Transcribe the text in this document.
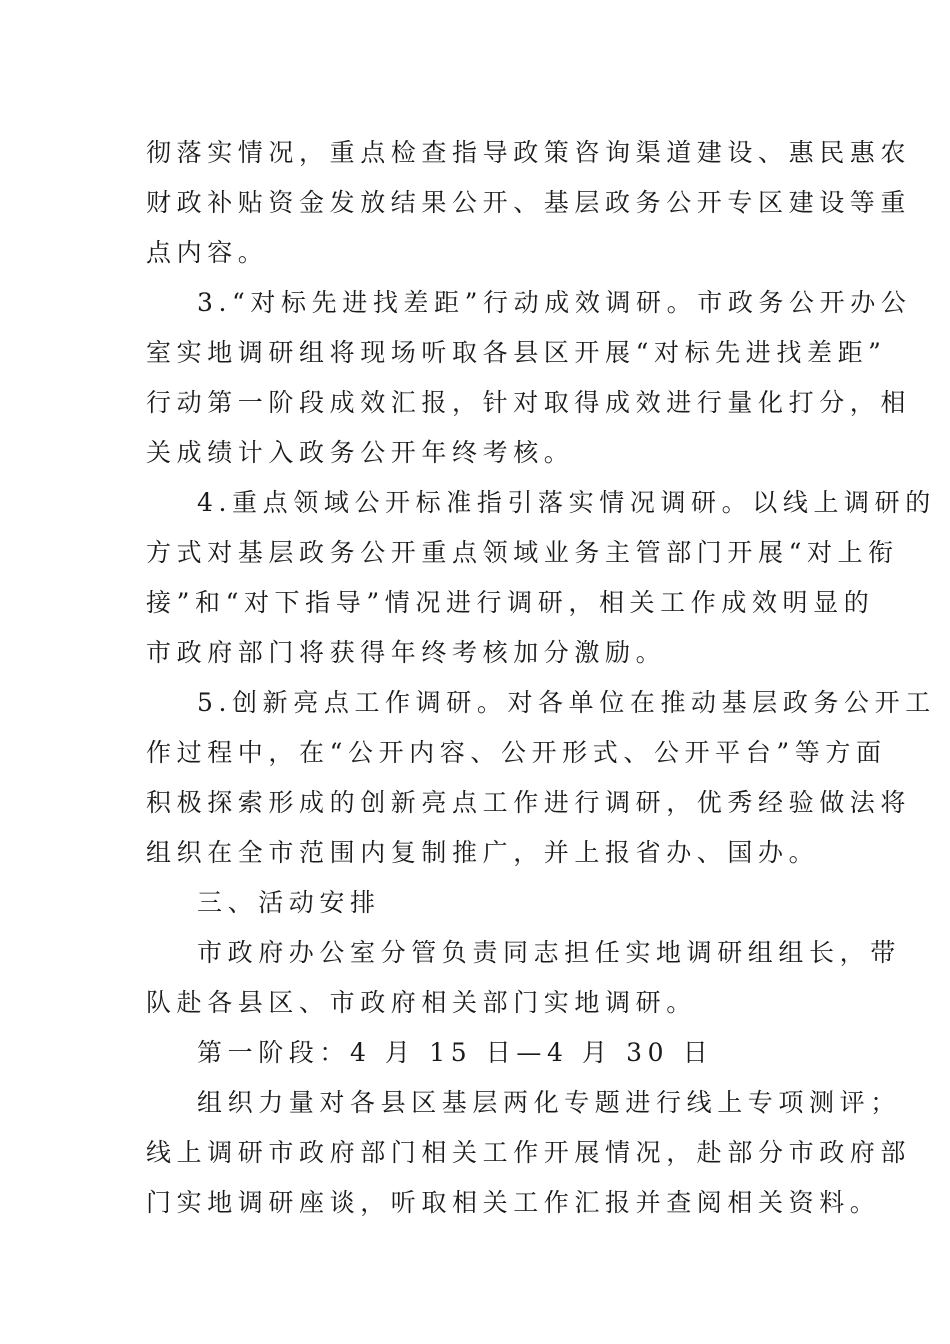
彻落实情况，重点检查指导政策咨询渠道建设、惠民惠农
财政补贴资金发放结果公开、基层政务公开专区建设等重
点内容。
3.“对标先进找差距”行动成效调研。市政务公开办公
室实地调研组将现场听取各县区开展“对标先进找差距”
行动第一阶段成效汇报，针对取得成效进行量化打分，相
关成绩计入政务公开年终考核。
4.重点领域公开标准指引落实情况调研。以线上调研的
方式对基层政务公开重点领域业务主管部门开展“对上衔
接”和“对下指导”情况进行调研，相关工作成效明显的
市政府部门将获得年终考核加分激励。
5.创新亮点工作调研。对各单位在推动基层政务公开工
作过程中，在“公开内容、公开形式、公开平台”等方面
积极探索形成的创新亮点工作进行调研，优秀经验做法将
组织在全市范围内复制推广，并上报省办、国办。
三、活动安排
市政府办公室分管负责同志担任实地调研组组长，带
队赴各县区、市政府相关部门实地调研。
第一阶段：4 月 15 日—4 月 30 日
组织力量对各县区基层两化专题进行线上专项测评；
线上调研市政府部门相关工作开展情况，赴部分市政府部
门实地调研座谈，听取相关工作汇报并查阅相关资料。
